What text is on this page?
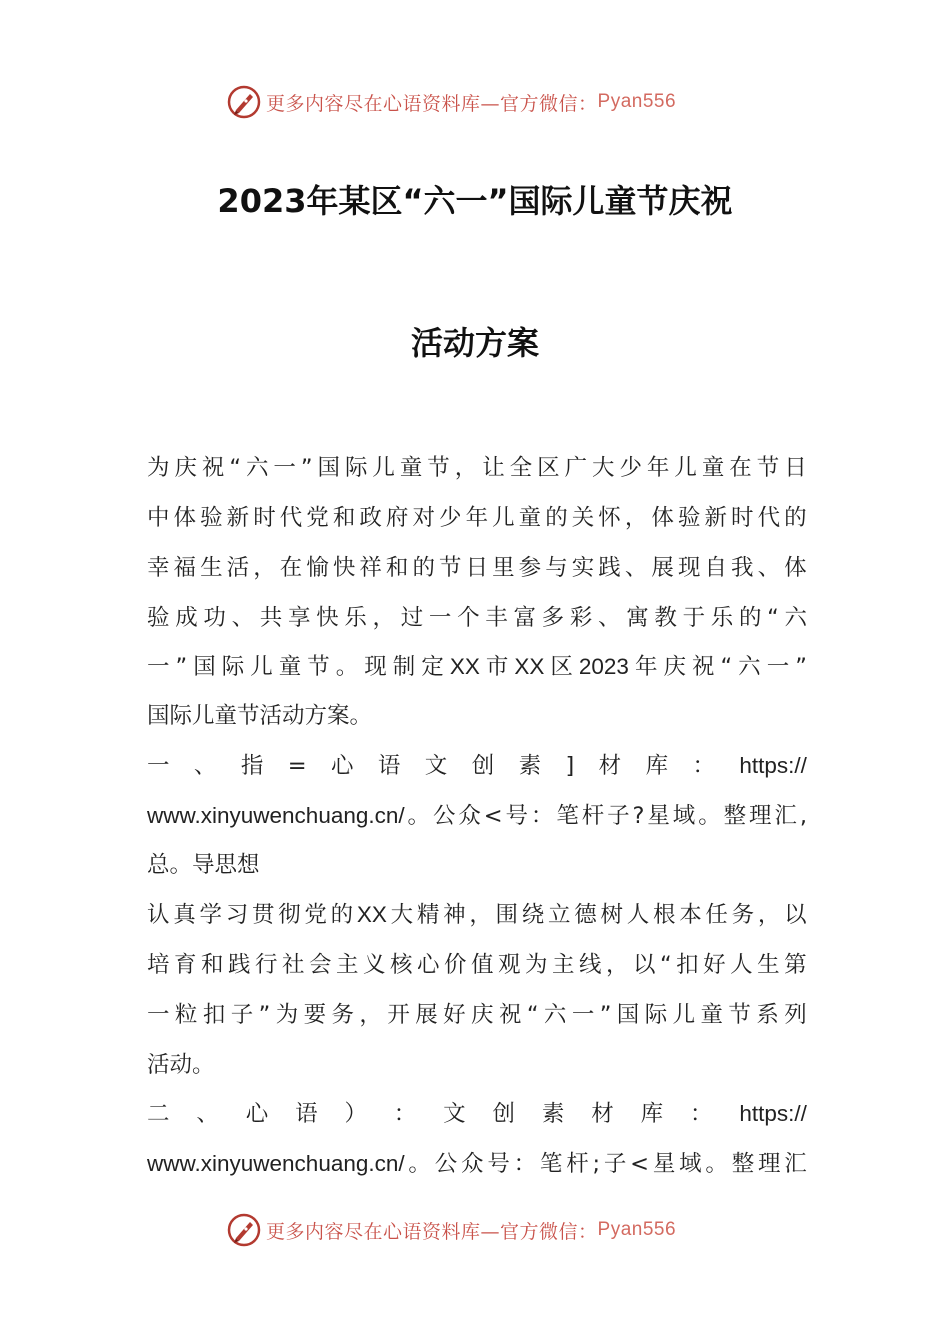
更多内容尽在心语资料库—官方微信： Pyan556
2023年某区“六一”国际儿童节庆祝
活动方案
为 庆 祝 “ 六 一 ” 国 际 儿 童 节 ， 让 全 区 广 大 少 年 儿 童 在 节 日
中 体 验 新 时 代 党 和 政 府 对 少 年 儿 童 的 关 怀 ， 体 验 新 时 代 的
幸 福 生 活 ， 在 愉 快 祥 和 的 节 日 里 参 与 实 践 、 展 现 自 我 、 体
验 成 功 、 共 享 快 乐 ， 过 一 个 丰 富 多 彩 、 寓 教 于 乐 的 “ 六
一 ” 国 际 儿 童 节 。 现 制 定 XX 市 XX 区 2023 年 庆 祝 “ 六 一 ”
国际儿童节活动方案。
一 、 指 = 心 语 文 创 素 ] 材 库 ： https://
www.xinyuwenchuang.cn/ 。 公 众 < 号 ： 笔 杆 子 ? 星 域 。 整 理 汇 ,
总。导思想
认 真 学 习 贯 彻 党 的 XX 大 精 神 ， 围 绕 立 德 树 人 根 本 任 务 ， 以
培 育 和 践 行 社 会 主 义 核 心 价 值 观 为 主 线 ， 以 “ 扣 好 人 生 第
一 粒 扣 子 ” 为 要 务 ， 开 展 好 庆 祝 “ 六 一 ” 国 际 儿 童 节 系 列
活动。
二 、 心 语 ） ： 文 创 素 材 库 ： https://
www.xinyuwenchuang.cn/ 。 公 众 号 ： 笔 杆 ; 子 < 星 域 。 整 理 汇
更多内容尽在心语资料库—官方微信： Pyan556
